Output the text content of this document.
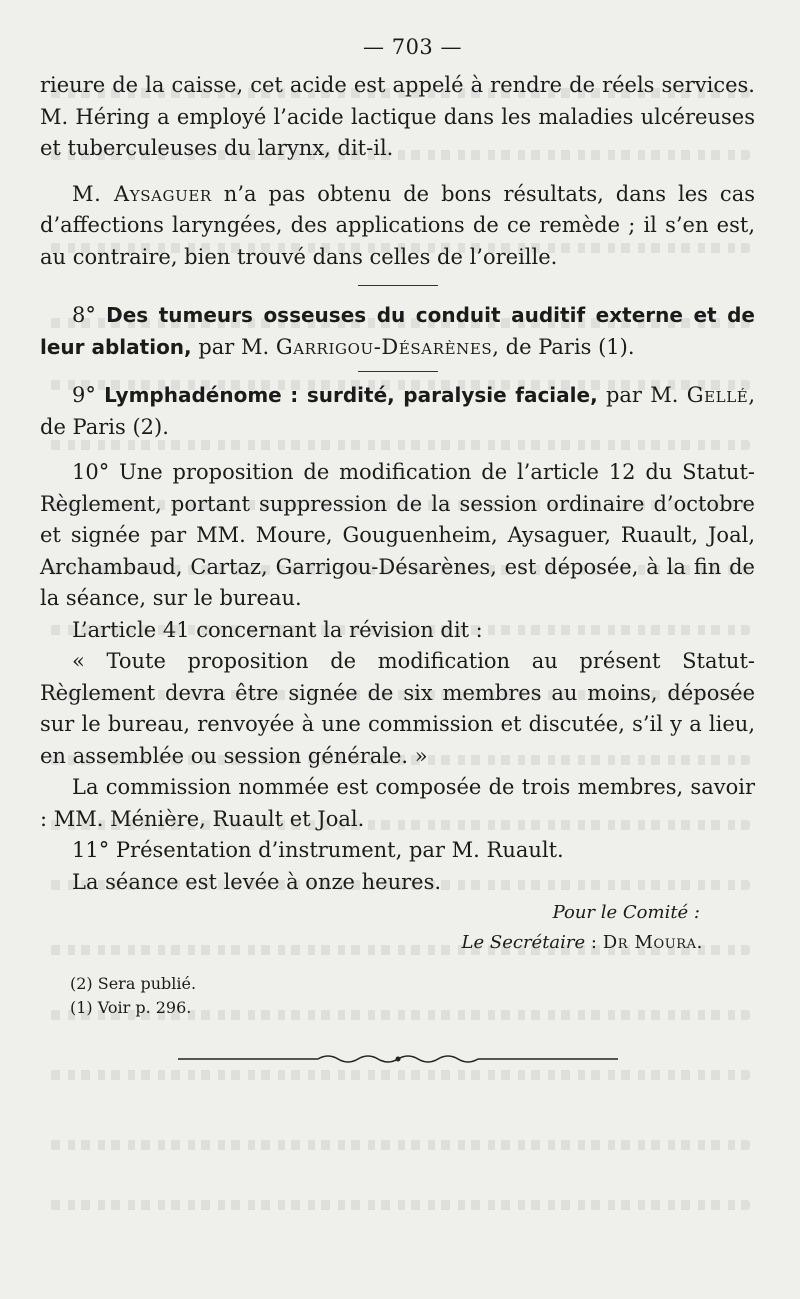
— 703 —

rieure de la caisse, cet acide est appelé à rendre de réels services. M. Héring a employé l’acide lactique dans les maladies ulcéreuses et tuberculeuses du larynx, dit-il.

M. Aysaguer n’a pas obtenu de bons résultats, dans les cas d’affections laryngées, des applications de ce remède ; il s’en est, au contraire, bien trouvé dans celles de l’oreille.

8° Des tumeurs osseuses du conduit auditif externe et de leur ablation, par M. Garrigou-Désarènes, de Paris (1).

9° Lymphadénome : surdité, paralysie faciale, par M. Gellé, de Paris (2).

10° Une proposition de modification de l’article 12 du Statut-Règlement, portant suppression de la session ordinaire d’octobre et signée par MM. Moure, Gouguenheim, Aysaguer, Ruault, Joal, Archambaud, Cartaz, Garrigou-Désarènes, est déposée, à la fin de la séance, sur le bureau.

L’article 41 concernant la révision dit :

« Toute proposition de modification au présent Statut-Règlement devra être signée de six membres au moins, déposée sur le bureau, renvoyée à une commission et discutée, s’il y a lieu, en assemblée ou session générale. »

La commission nommée est composée de trois membres, savoir : MM. Ménière, Ruault et Joal.

11° Présentation d’instrument, par M. Ruault.

La séance est levée à onze heures.

Pour le Comité :
Le Secrétaire : Dr Moura.
(2) Sera publié.
(1) Voir p. 296.
